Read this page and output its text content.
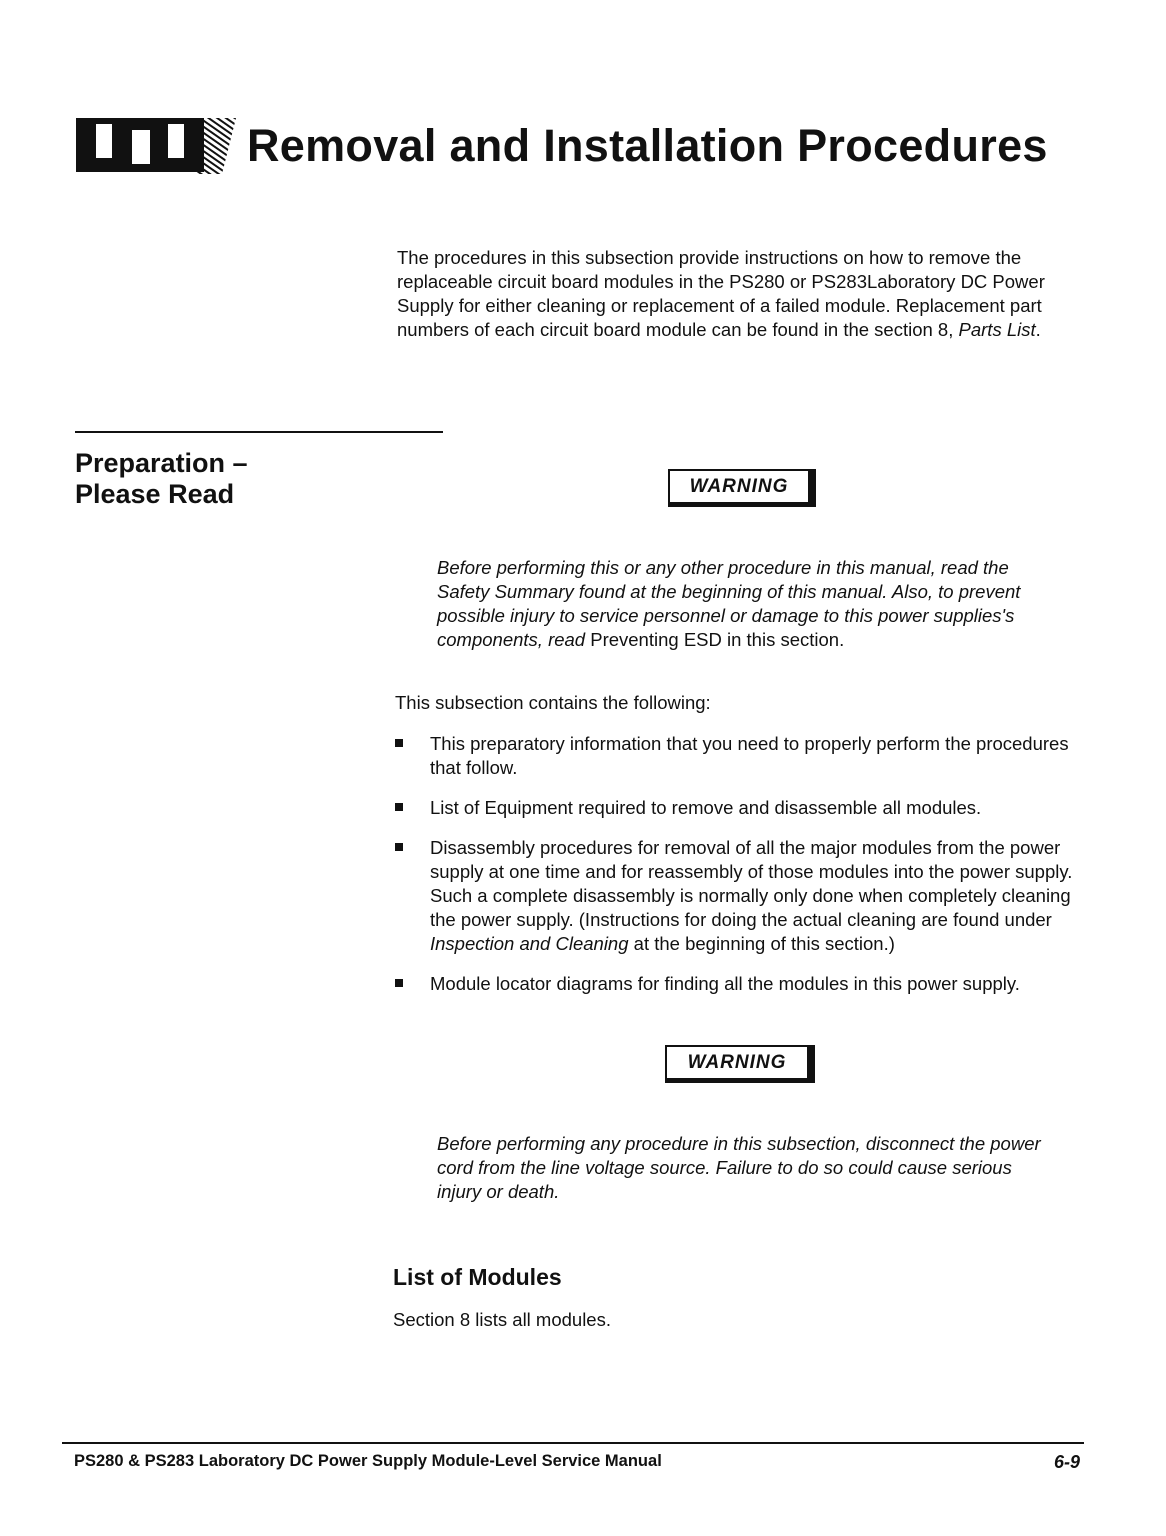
Removal and Installation Procedures

The procedures in this subsection provide instructions on how to remove the replaceable circuit board modules in the PS280 or PS283Laboratory DC Power Supply for either cleaning or replacement of a failed module. Replacement part numbers of each circuit board module can be found in the section 8, Parts List.

Preparation –
Please Read	WARNING

Before performing this or any other procedure in this manual, read the Safety Summary found at the beginning of this manual. Also, to prevent possible injury to service personnel or damage to this power supplies's components, read Preventing ESD in this section.

This subsection contains the following:

This preparatory information that you need to properly perform the procedures that follow.
List of Equipment required to remove and disassemble all modules.
Disassembly procedures for removal of all the major modules from the power supply at one time and for reassembly of those modules into the power supply. Such a complete disassembly is normally only done when completely cleaning the power supply. (Instructions for doing the actual cleaning are found under Inspection and Cleaning at the beginning of this section.)
Module locator diagrams for finding all the modules in this power supply.
WARNING

Before performing any procedure in this subsection, disconnect the power cord from the line voltage source. Failure to do so could cause serious injury or death.

List of Modules

Section 8 lists all modules.

PS280 & PS283 Laboratory DC Power Supply Module-Level Service Manual	6-9
